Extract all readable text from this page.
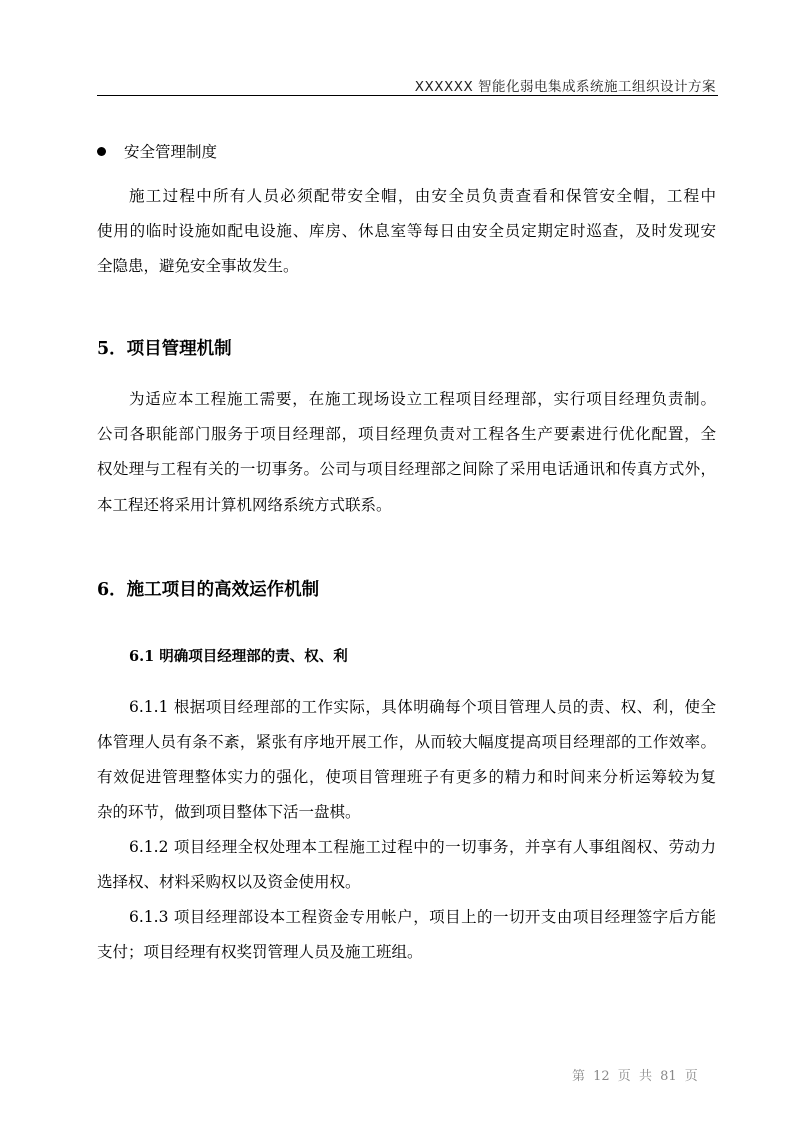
XXXXXX 智能化弱电集成系统施工组织设计方案
安全管理制度
施工过程中所有人员必须配带安全帽，由安全员负责查看和保管安全帽，工程中
使用的临时设施如配电设施、库房、休息室等每日由安全员定期定时巡查，及时发现安
全隐患，避免安全事故发生。
5．项目管理机制
为适应本工程施工需要，在施工现场设立工程项目经理部，实行项目经理负责制。
公司各职能部门服务于项目经理部，项目经理负责对工程各生产要素进行优化配置，全
权处理与工程有关的一切事务。公司与项目经理部之间除了采用电话通讯和传真方式外，
本工程还将采用计算机网络系统方式联系。
6．施工项目的高效运作机制
6.1 明确项目经理部的责、权、利
6.1.1 根据项目经理部的工作实际，具体明确每个项目管理人员的责、权、利，使全
体管理人员有条不紊，紧张有序地开展工作，从而较大幅度提高项目经理部的工作效率。
有效促进管理整体实力的强化，使项目管理班子有更多的精力和时间来分析运筹较为复
杂的环节，做到项目整体下活一盘棋。
6.1.2 项目经理全权处理本工程施工过程中的一切事务，并享有人事组阁权、劳动力
选择权、材料采购权以及资金使用权。
6.1.3 项目经理部设本工程资金专用帐户，项目上的一切开支由项目经理签字后方能
支付；项目经理有权奖罚管理人员及施工班组。
第 12 页 共 81 页
